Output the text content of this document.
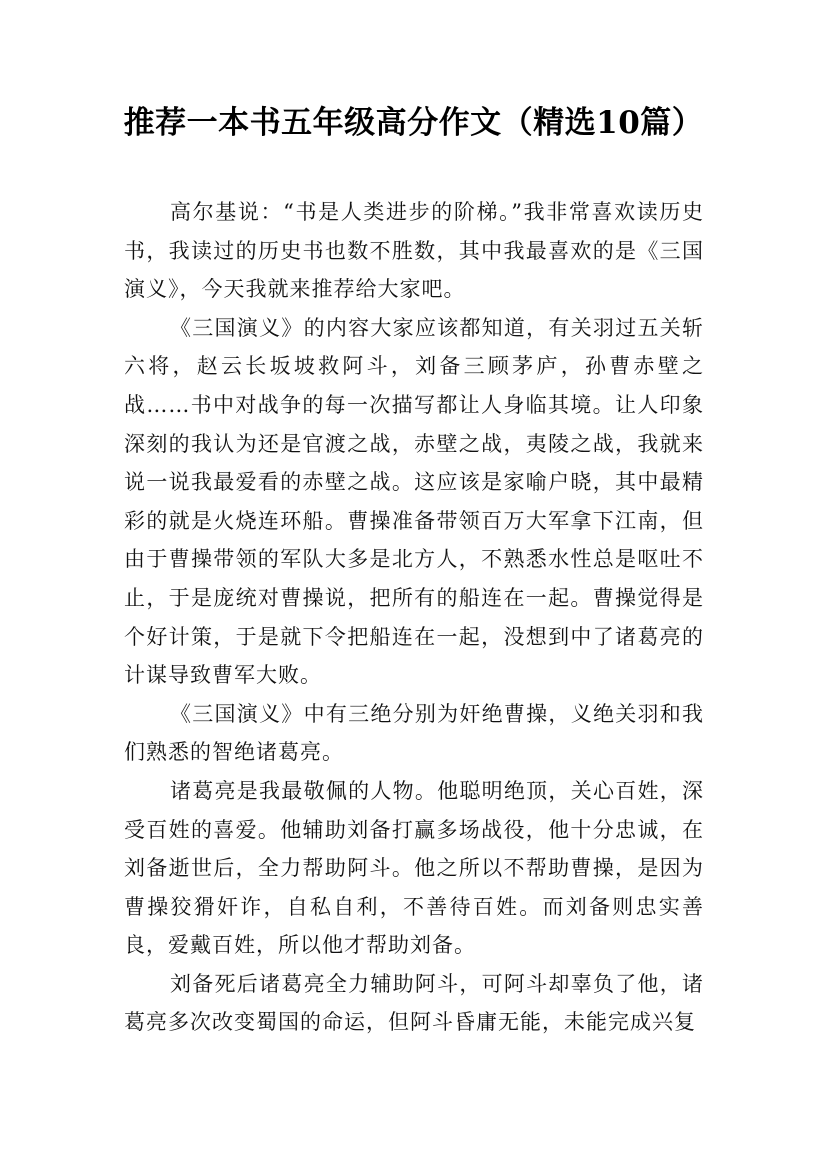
推荐一本书五年级高分作文（精选10篇）

高尔基说：“书是人类进步的阶梯。”我非常喜欢读历史书，我读过的历史书也数不胜数，其中我最喜欢的是《三国演义》，今天我就来推荐给大家吧。

《三国演义》的内容大家应该都知道，有关羽过五关斩六将，赵云长坂坡救阿斗，刘备三顾茅庐，孙曹赤壁之战……书中对战争的每一次描写都让人身临其境。让人印象深刻的我认为还是官渡之战，赤壁之战，夷陵之战，我就来说一说我最爱看的赤壁之战。这应该是家喻户晓，其中最精彩的就是火烧连环船。曹操准备带领百万大军拿下江南，但由于曹操带领的军队大多是北方人，不熟悉水性总是呕吐不止，于是庞统对曹操说，把所有的船连在一起。曹操觉得是个好计策，于是就下令把船连在一起，没想到中了诸葛亮的计谋导致曹军大败。

《三国演义》中有三绝分别为奸绝曹操，义绝关羽和我们熟悉的智绝诸葛亮。

诸葛亮是我最敬佩的人物。他聪明绝顶，关心百姓，深受百姓的喜爱。他辅助刘备打赢多场战役，他十分忠诚，在刘备逝世后，全力帮助阿斗。他之所以不帮助曹操，是因为曹操狡猾奸诈，自私自利，不善待百姓。而刘备则忠实善良，爱戴百姓，所以他才帮助刘备。

刘备死后诸葛亮全力辅助阿斗，可阿斗却辜负了他，诸葛亮多次改变蜀国的命运，但阿斗昏庸无能，未能完成兴复
